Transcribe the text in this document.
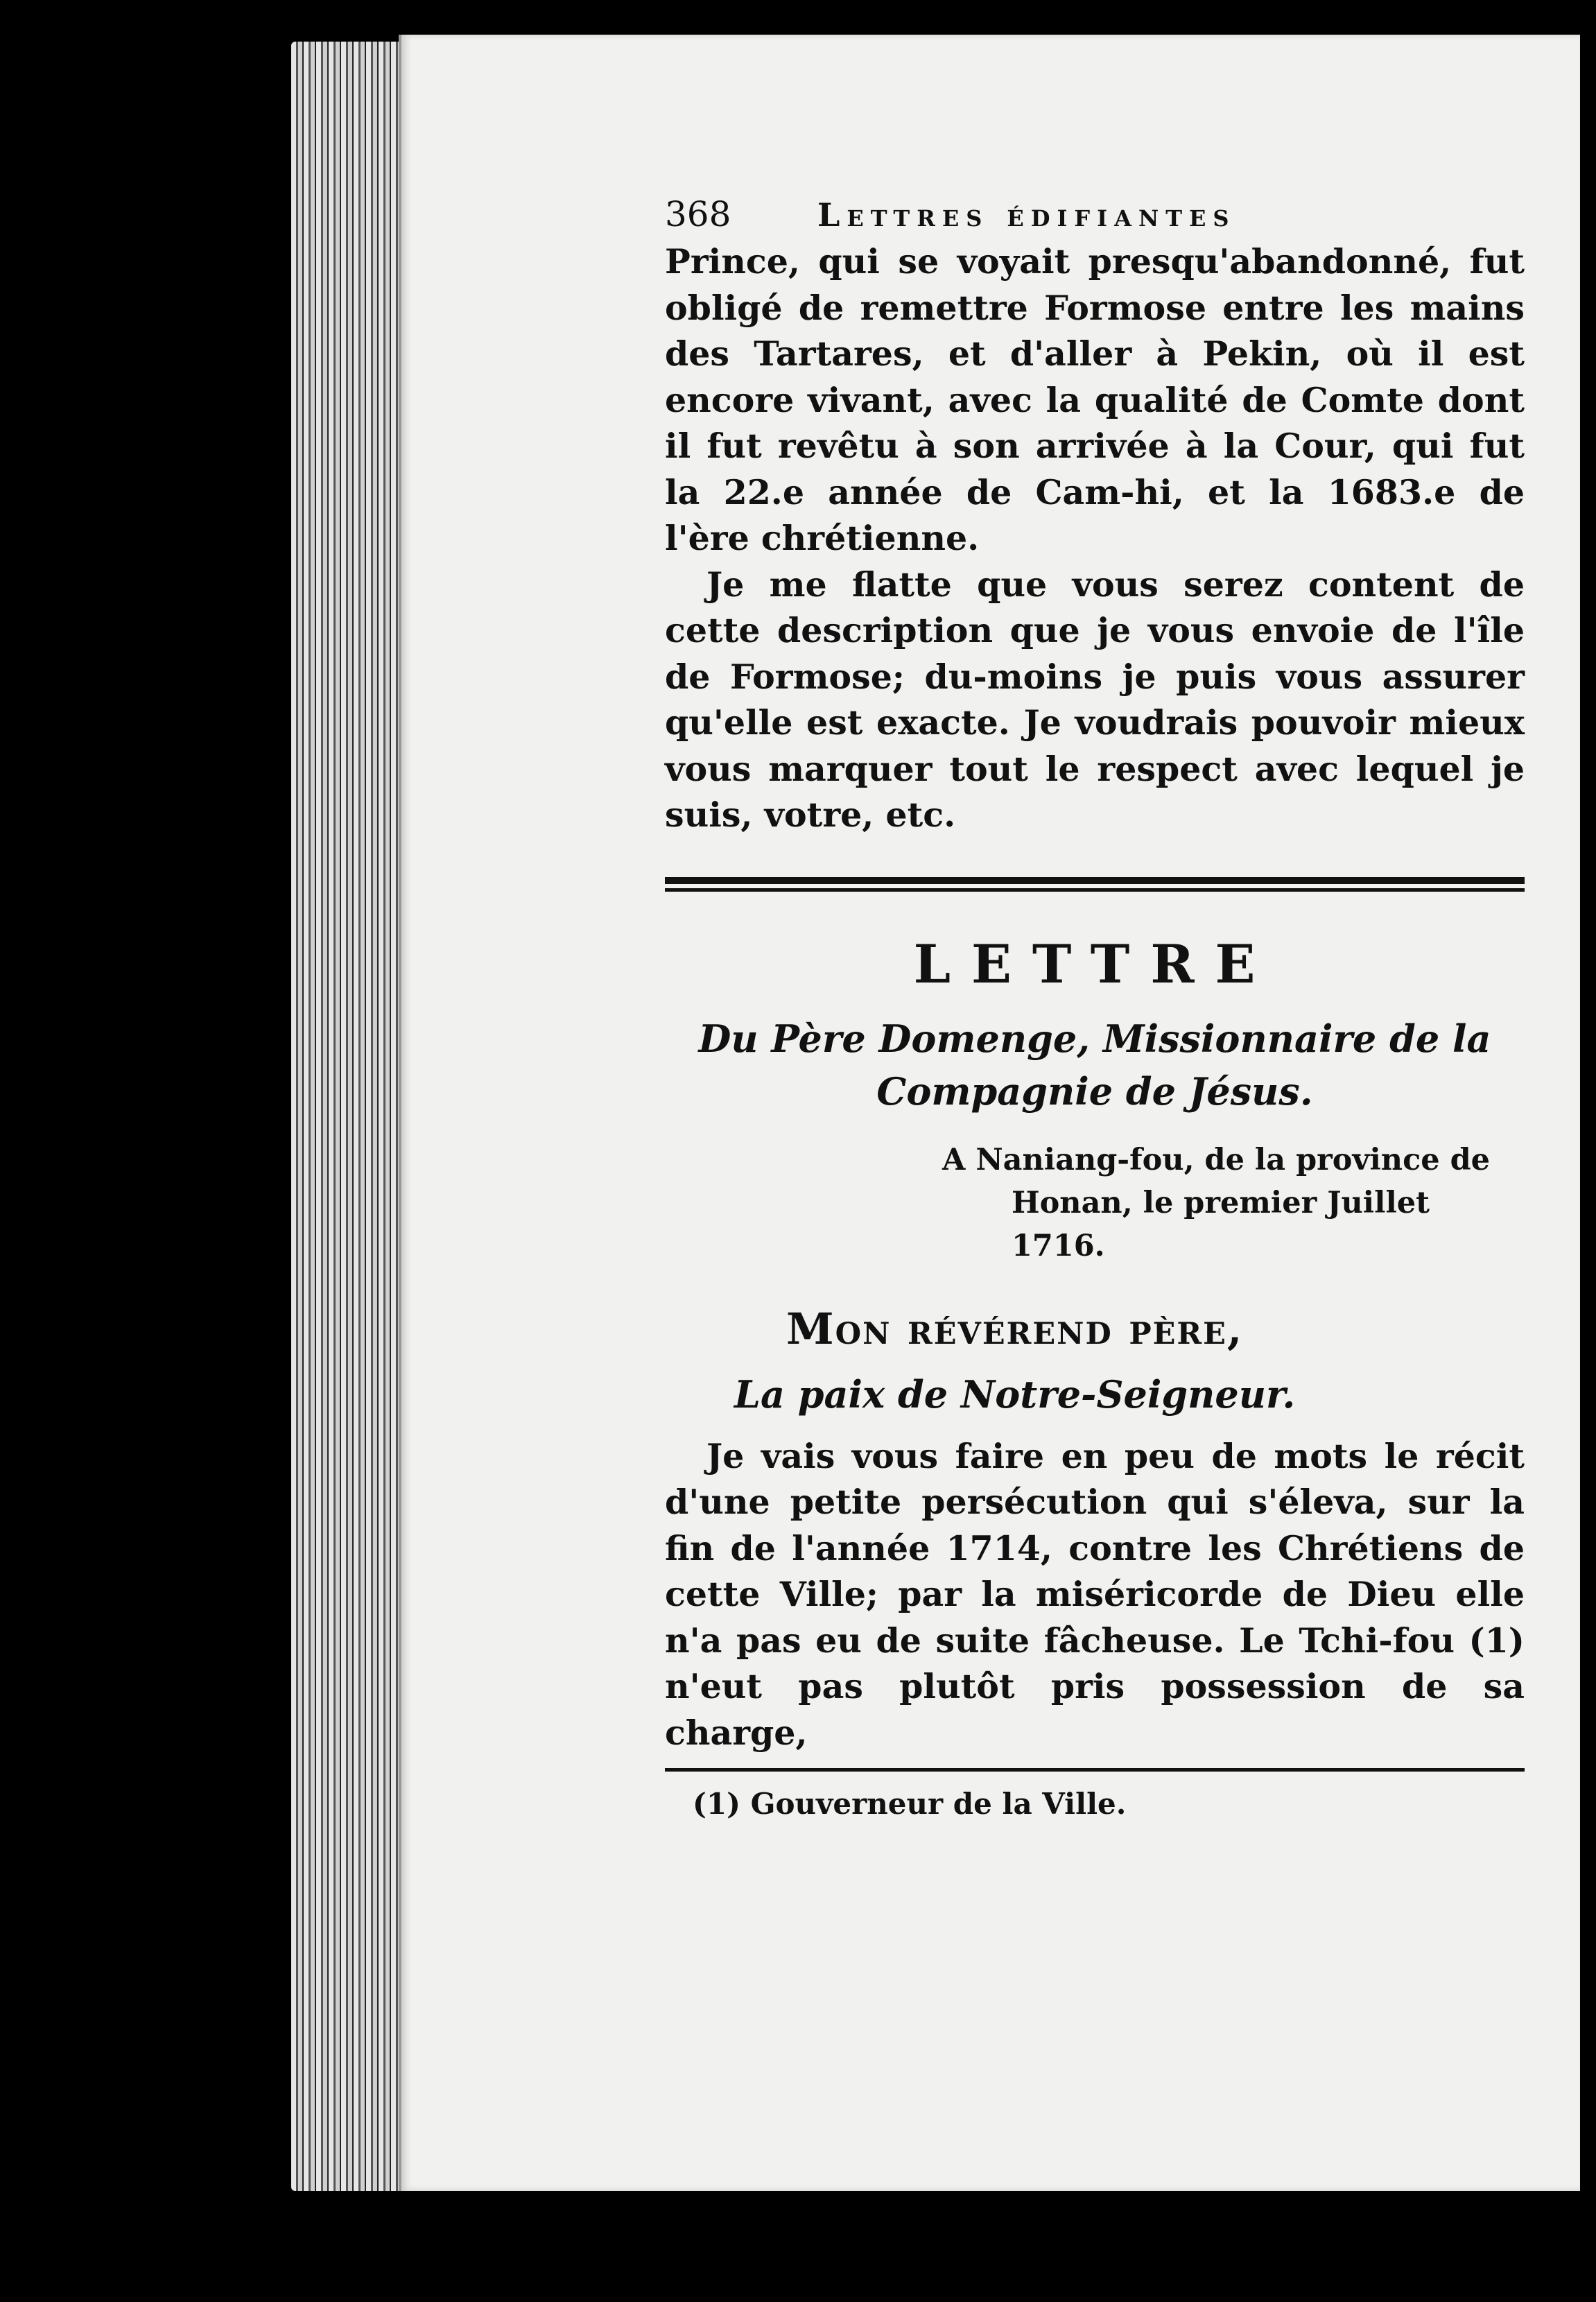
368	Lettres édifiantes

Prince, qui se voyait presqu'abandonné, fut obligé de remettre Formose entre les mains des Tartares, et d'aller à Pekin, où il est encore vivant, avec la qualité de Comte dont il fut revêtu à son arrivée à la Cour, qui fut la 22.e année de Cam-hi, et la 1683.e de l'ère chrétienne.

Je me flatte que vous serez content de cette description que je vous envoie de l'île de Formose; du-moins je puis vous assurer qu'elle est exacte. Je voudrais pouvoir mieux vous marquer tout le respect avec lequel je suis, votre, etc.

LETTRE
Du Père Domenge, Missionnaire de la
Compagnie de Jésus.
A Naniang-fou, de la province de
Honan, le premier Juillet 1716.
Mon révérend père,
La paix de Notre-Seigneur.

Je vais vous faire en peu de mots le récit d'une petite persécution qui s'éleva, sur la fin de l'année 1714, contre les Chrétiens de cette Ville; par la miséricorde de Dieu elle n'a pas eu de suite fâcheuse. Le Tchi-fou (1) n'eut pas plutôt pris possession de sa charge,

(1) Gouverneur de la Ville.
